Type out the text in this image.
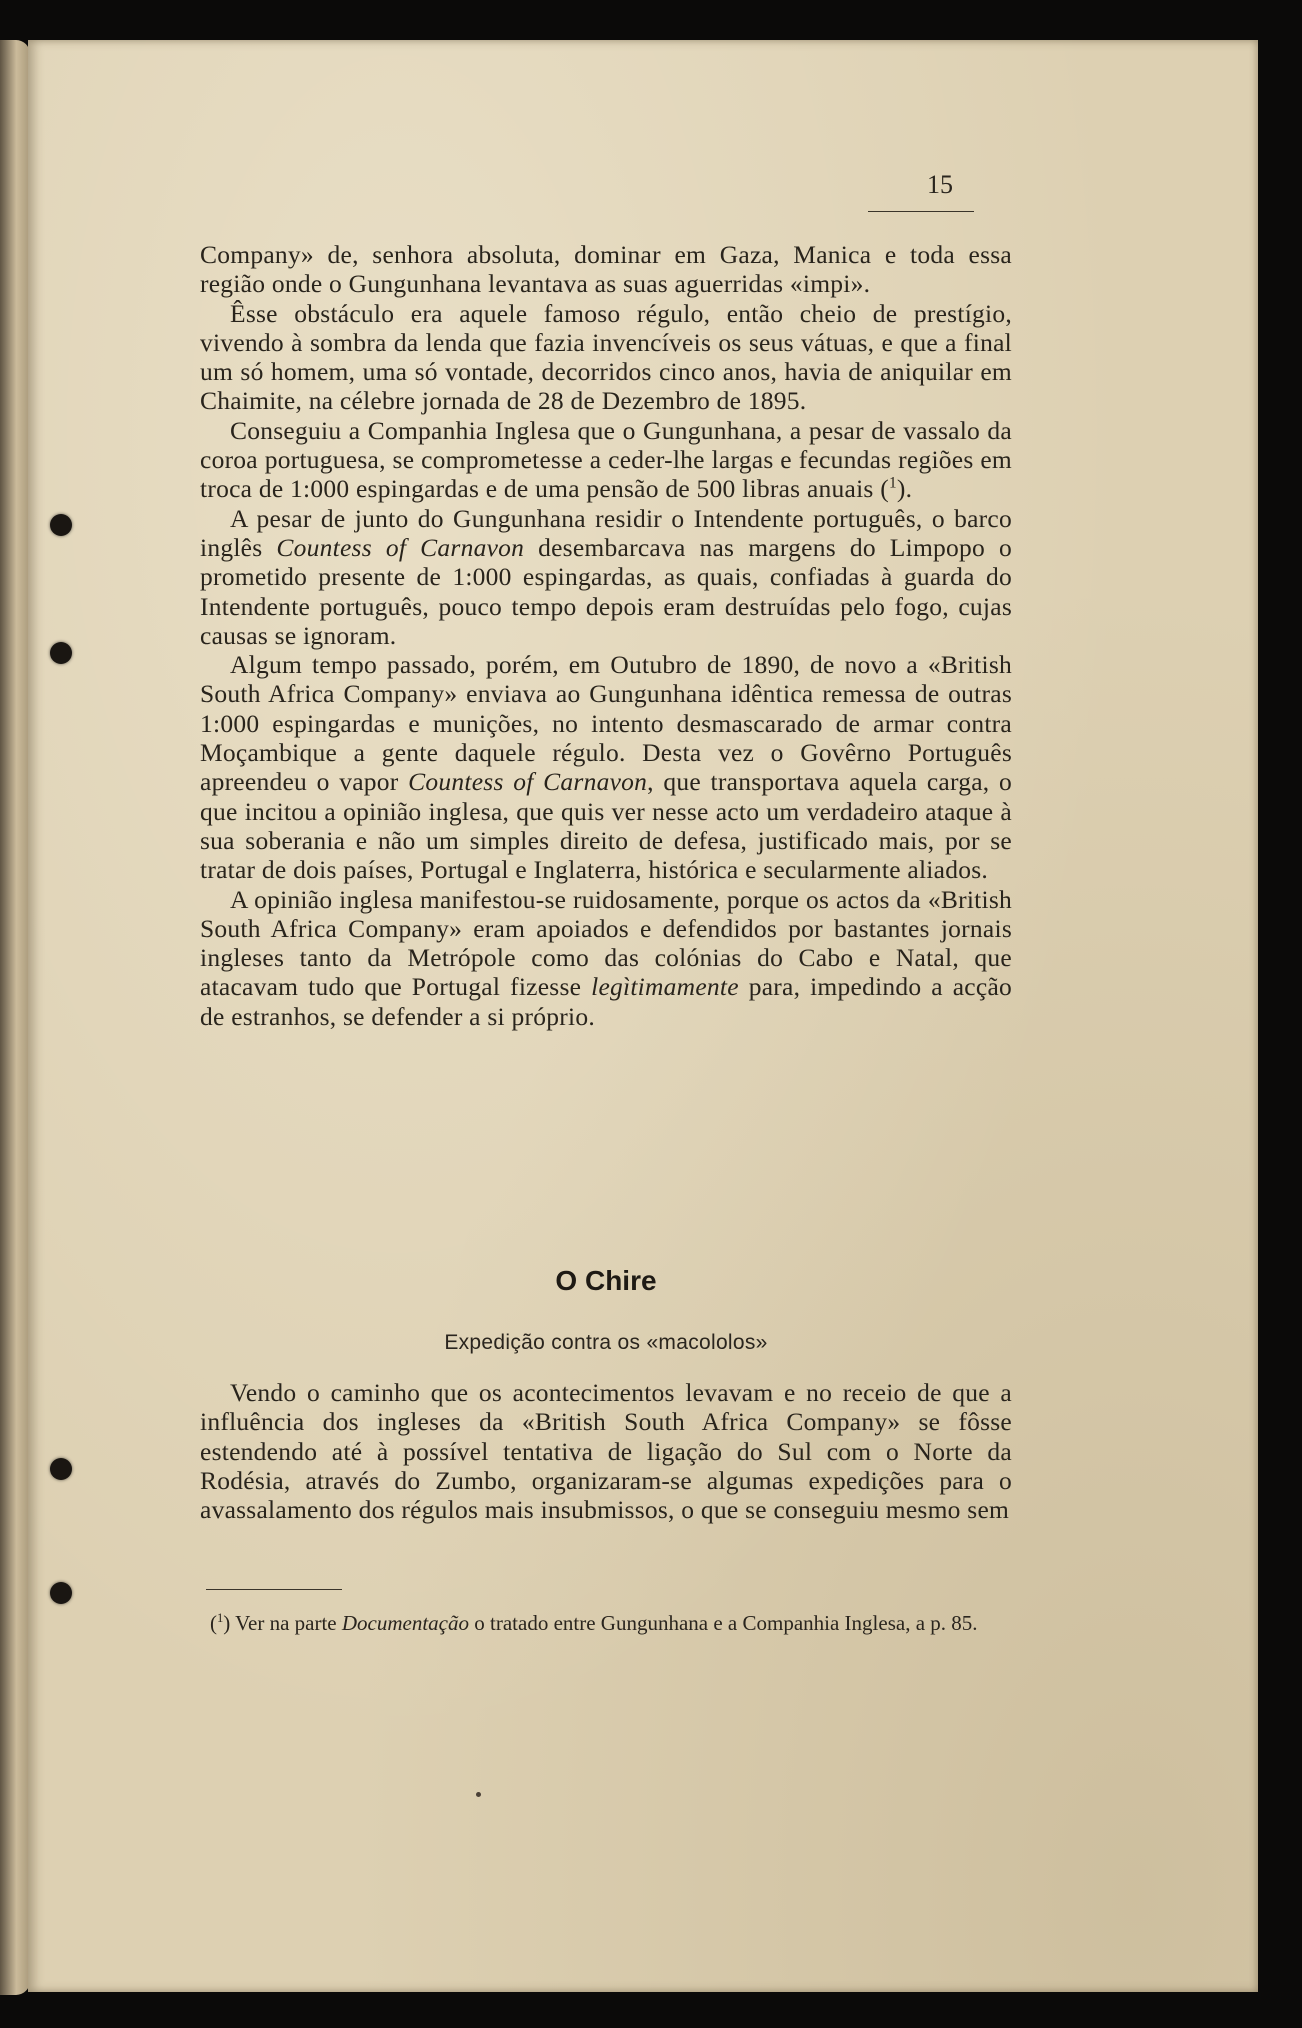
15

Company» de, senhora absoluta, dominar em Gaza, Manica e toda essa região onde o Gungunhana levantava as suas aguerridas «impi».

Êsse obstáculo era aquele famoso régulo, então cheio de prestígio, vivendo à sombra da lenda que fazia invencíveis os seus vátuas, e que a final um só homem, uma só vontade, decorridos cinco anos, havia de aniquilar em Chaimite, na célebre jornada de 28 de Dezembro de 1895.

Conseguiu a Companhia Inglesa que o Gungunhana, a pesar de vassalo da coroa portuguesa, se comprometesse a ceder-lhe largas e fecundas regiões em troca de 1:000 espingardas e de uma pensão de 500 libras anuais ($^1$).

A pesar de junto do Gungunhana residir o Intendente português, o barco inglês Countess of Carnavon desembarcava nas margens do Limpopo o prometido presente de 1:000 espingardas, as quais, confiadas à guarda do Intendente português, pouco tempo depois eram destruídas pelo fogo, cujas causas se ignoram.

Algum tempo passado, porém, em Outubro de 1890, de novo a «British South Africa Company» enviava ao Gungunhana idêntica remessa de outras 1:000 espingardas e munições, no intento desmascarado de armar contra Moçambique a gente daquele régulo. Desta vez o Govêrno Português apreendeu o vapor Countess of Carnavon, que transportava aquela carga, o que incitou a opinião inglesa, que quis ver nesse acto um verdadeiro ataque à sua soberania e não um simples direito de defesa, justificado mais, por se tratar de dois países, Portugal e Inglaterra, histórica e secularmente aliados.

A opinião inglesa manifestou-se ruidosamente, porque os actos da «British South Africa Company» eram apoiados e defendidos por bastantes jornais ingleses tanto da Metrópole como das colónias do Cabo e Natal, que atacavam tudo que Portugal fizesse legìtimamente para, impedindo a acção de estranhos, se defender a si próprio.

O Chire
Expedição contra os «macololos»

Vendo o caminho que os acontecimentos levavam e no receio de que a influência dos ingleses da «British South Africa Company» se fôsse estendendo até à possível tentativa de ligação do Sul com o Norte da Rodésia, através do Zumbo, organizaram-se algumas expedições para o avassalamento dos régulos mais insubmissos, o que se conseguiu mesmo sem

($^1$) Ver na parte Documentação o tratado entre Gungunhana e a Companhia Inglesa, a p. 85.
